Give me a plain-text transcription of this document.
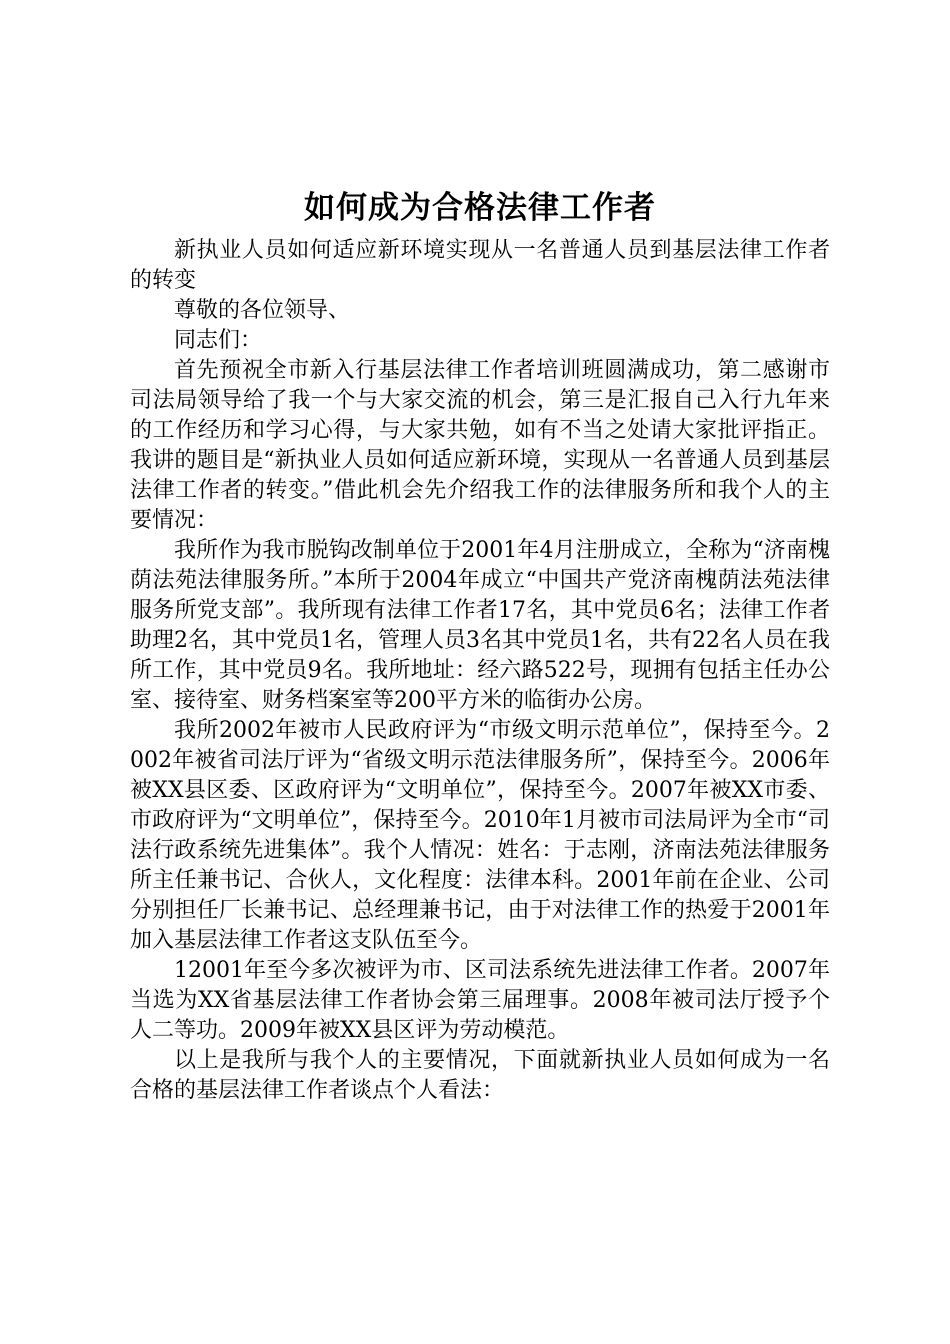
如何成为合格法律工作者

新执业人员如何适应新环境实现从一名普通人员到基层法律工作者的转变

尊敬的各位领导、

同志们：

首先预祝全市新入行基层法律工作者培训班圆满成功，第二感谢市司法局领导给了我一个与大家交流的机会，第三是汇报自己入行九年来的工作经历和学习心得，与大家共勉，如有不当之处请大家批评指正。我讲的题目是“新执业人员如何适应新环境，实现从一名普通人员到基层法律工作者的转变。”借此机会先介绍我工作的法律服务所和我个人的主要情况：

我所作为我市脱钩改制单位于2001年4月注册成立，全称为“济南槐荫法苑法律服务所。”本所于2004年成立“中国共产党济南槐荫法苑法律服务所党支部”。我所现有法律工作者17名，其中党员6名；法律工作者助理2名，其中党员1名，管理人员3名其中党员1名，共有22名人员在我所工作，其中党员9名。我所地址：经六路522号，现拥有包括主任办公室、接待室、财务档案室等200平方米的临街办公房。

我所2002年被市人民政府评为“市级文明示范单位”，保持至今。2002年被省司法厅评为“省级文明示范法律服务所”，保持至今。2006年被XX县区委、区政府评为“文明单位”，保持至今。2007年被XX市委、市政府评为“文明单位”，保持至今。2010年1月被市司法局评为全市“司法行政系统先进集体”。我个人情况：姓名：于志刚，济南法苑法律服务所主任兼书记、合伙人，文化程度：法律本科。2001年前在企业、公司分别担任厂长兼书记、总经理兼书记，由于对法律工作的热爱于2001年加入基层法律工作者这支队伍至今。

12001年至今多次被评为市、区司法系统先进法律工作者。2007年当选为XX省基层法律工作者协会第三届理事。2008年被司法厅授予个人二等功。2009年被XX县区评为劳动模范。

以上是我所与我个人的主要情况，下面就新执业人员如何成为一名合格的基层法律工作者谈点个人看法：
